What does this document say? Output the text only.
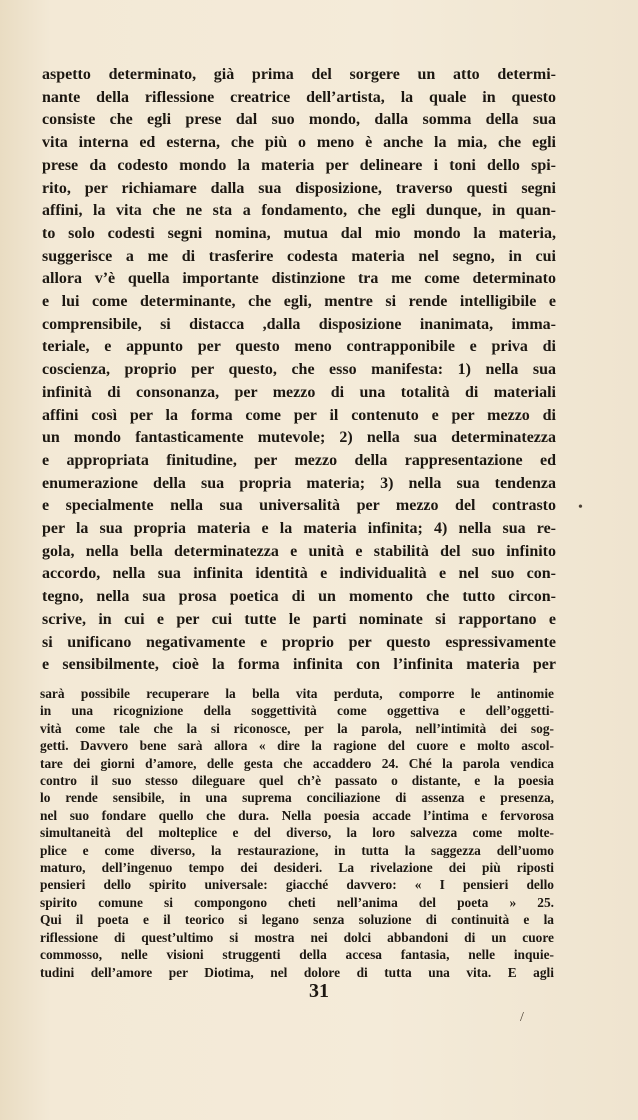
aspetto determinato, già prima del sorgere un atto determi-
nante della riflessione creatrice dell’artista, la quale in questo
consiste che egli prese dal suo mondo, dalla somma della sua
vita interna ed esterna, che più o meno è anche la mia, che egli
prese da codesto mondo la materia per delineare i toni dello spi-
rito, per richiamare dalla sua disposizione, traverso questi segni
affini, la vita che ne sta a fondamento, che egli dunque, in quan-
to solo codesti segni nomina, mutua dal mio mondo la materia,
suggerisce a me di trasferire codesta materia nel segno, in cui
allora v’è quella importante distinzione tra me come determinato
e lui come determinante, che egli, mentre si rende intelligibile e
comprensibile, si distacca ,dalla disposizione inanimata, imma-
teriale, e appunto per questo meno contrapponibile e priva di
coscienza, proprio per questo, che esso manifesta: 1) nella sua
infinità di consonanza, per mezzo di una totalità di materiali
affini così per la forma come per il contenuto e per mezzo di
un mondo fantasticamente mutevole; 2) nella sua determinatezza
e appropriata finitudine, per mezzo della rappresentazione ed
enumerazione della sua propria materia; 3) nella sua tendenza
e specialmente nella sua universalità per mezzo del contrasto
per la sua propria materia e la materia infinita; 4) nella sua re-
gola, nella bella determinatezza e unità e stabilità del suo infinito
accordo, nella sua infinita identità e individualità e nel suo con-
tegno, nella sua prosa poetica di un momento che tutto circon-
scrive, in cui e per cui tutte le parti nominate si rapportano e
si unificano negativamente e proprio per questo espressivamente
e sensibilmente, cioè la forma infinita con l’infinita materia per
sarà possibile recuperare la bella vita perduta, comporre le antinomie
in una ricognizione della soggettività come oggettiva e dell’oggetti-
vità come tale che la si riconosce, per la parola, nell’intimità dei sog-
getti. Davvero bene sarà allora « dire la ragione del cuore e molto ascol-
tare dei giorni d’amore, delle gesta che accaddero 24. Ché la parola vendica
contro il suo stesso dileguare quel ch’è passato o distante, e la poesia
lo rende sensibile, in una suprema conciliazione di assenza e presenza,
nel suo fondare quello che dura. Nella poesia accade l’intima e fervorosa
simultaneità del molteplice e del diverso, la loro salvezza come molte-
plice e come diverso, la restaurazione, in tutta la saggezza dell’uomo
maturo, dell’ingenuo tempo dei desideri. La rivelazione dei più riposti
pensieri dello spirito universale: giacché davvero: « I pensieri dello
spirito comune si compongono cheti nell’anima del poeta » 25.
Qui il poeta e il teorico si legano senza soluzione di continuità e la
riflessione di quest’ultimo si mostra nei dolci abbandoni di un cuore
commosso, nelle visioni struggenti della accesa fantasia, nelle inquie-
tudini dell’amore per Diotima, nel dolore di tutta una vita. E agli
31
•
/
